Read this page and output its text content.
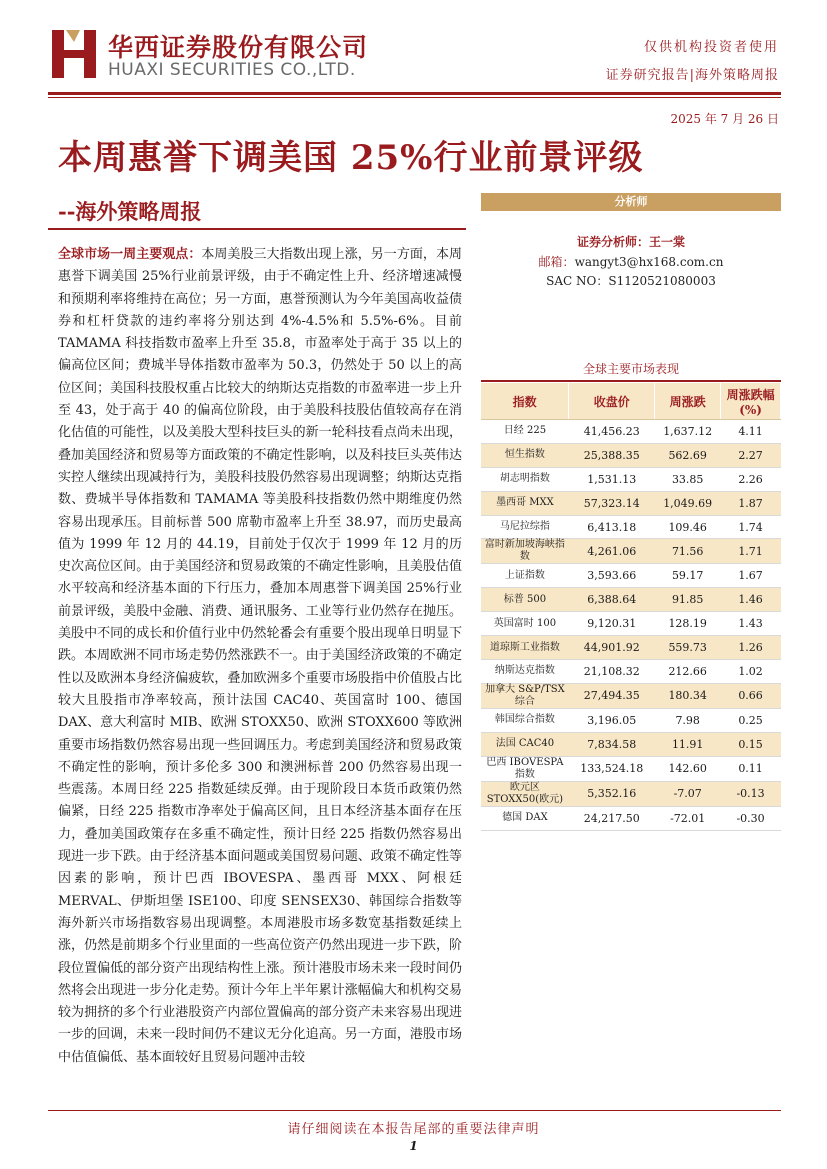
华西证券股份有限公司
HUAXI SECURITIES CO.,LTD.
仅供机构投资者使用
证券研究报告|海外策略周报
2025 年 7 月 26 日
本周惠誉下调美国 25%行业前景评级
--海外策略周报
全球市场一周主要观点：本周美股三大指数出现上涨，另一方面，本周惠誉下调美国 25%行业前景评级，由于不确定性上升、经济增速减慢和预期利率将维持在高位；另一方面，惠誉预测认为今年美国高收益债券和杠杆贷款的违约率将分别达到 4%-4.5%和 5.5%-6%。目前 TAMAMA 科技指数市盈率上升至 35.8，市盈率处于高于 35 以上的偏高位区间；费城半导体指数市盈率为 50.3，仍然处于 50 以上的高位区间；美国科技股权重占比较大的纳斯达克指数的市盈率进一步上升至 43，处于高于 40 的偏高位阶段，由于美股科技股估值较高存在消化估值的可能性，以及美股大型科技巨头的新一轮科技看点尚未出现，叠加美国经济和贸易等方面政策的不确定性影响，以及科技巨头英伟达实控人继续出现减持行为，美股科技股仍然容易出现调整；纳斯达克指数、费城半导体指数和 TAMAMA 等美股科技指数仍然中期维度仍然容易出现承压。目前标普 500 席勒市盈率上升至 38.97，而历史最高值为 1999 年 12 月的 44.19，目前处于仅次于 1999 年 12 月的历史次高位区间。由于美国经济和贸易政策的不确定性影响，且美股估值水平较高和经济基本面的下行压力，叠加本周惠誉下调美国 25%行业前景评级，美股中金融、消费、通讯服务、工业等行业仍然存在抛压。美股中不同的成长和价值行业中仍然轮番会有重要个股出现单日明显下跌。本周欧洲不同市场走势仍然涨跌不一。由于美国经济政策的不确定性以及欧洲本身经济偏疲软，叠加欧洲多个重要市场股指中价值股占比较大且股指市净率较高，预计法国 CAC40、英国富时 100、德国 DAX、意大利富时 MIB、欧洲 STOXX50、欧洲 STOXX600 等欧洲重要市场指数仍然容易出现一些回调压力。考虑到美国经济和贸易政策不确定性的影响，预计多伦多 300 和澳洲标普 200 仍然容易出现一些震荡。本周日经 225 指数延续反弹。由于现阶段日本货币政策仍然偏紧，日经 225 指数市净率处于偏高区间，且日本经济基本面存在压力，叠加美国政策存在多重不确定性，预计日经 225 指数仍然容易出现进一步下跌。由于经济基本面问题或美国贸易问题、政策不确定性等因素的影响，预计巴西 IBOVESPA、墨西哥 MXX、阿根廷 MERVAL、伊斯坦堡 ISE100、印度 SENSEX30、韩国综合指数等海外新兴市场指数容易出现调整。本周港股市场多数宽基指数延续上涨，仍然是前期多个行业里面的一些高位资产仍然出现进一步下跌，阶段位置偏低的部分资产出现结构性上涨。预计港股市场未来一段时间仍然将会出现进一步分化走势。预计今年上半年累计涨幅偏大和机构交易较为拥挤的多个行业港股资产内部位置偏高的部分资产未来容易出现进一步的回调，未来一段时间仍不建议无分化追高。另一方面，港股市场中估值偏低、基本面较好且贸易问题冲击较
分析师
证券分析师：王一棠
邮箱：wangyt3@hx168.com.cn
SAC NO：S1120521080003
全球主要市场表现
指数	收盘价	周涨跌	周涨跌幅(%)
日经 225	41,456.23	1,637.12	4.11
恒生指数	25,388.35	562.69	2.27
胡志明指数	1,531.13	33.85	2.26
墨西哥 MXX	57,323.14	1,049.69	1.87
马尼拉综指	6,413.18	109.46	1.74
富时新加坡海峡指数	4,261.06	71.56	1.71
上证指数	3,593.66	59.17	1.67
标普 500	6,388.64	91.85	1.46
英国富时 100	9,120.31	128.19	1.43
道琼斯工业指数	44,901.92	559.73	1.26
纳斯达克指数	21,108.32	212.66	1.02
加拿大 S&P/TSX 综合	27,494.35	180.34	0.66
韩国综合指数	3,196.05	7.98	0.25
法国 CAC40	7,834.58	11.91	0.15
巴西 IBOVESPA 指数	133,524.18	142.60	0.11
欧元区 STOXX50(欧元)	5,352.16	-7.07	-0.13
德国 DAX	24,217.50	-72.01	-0.30
请仔细阅读在本报告尾部的重要法律声明
1
